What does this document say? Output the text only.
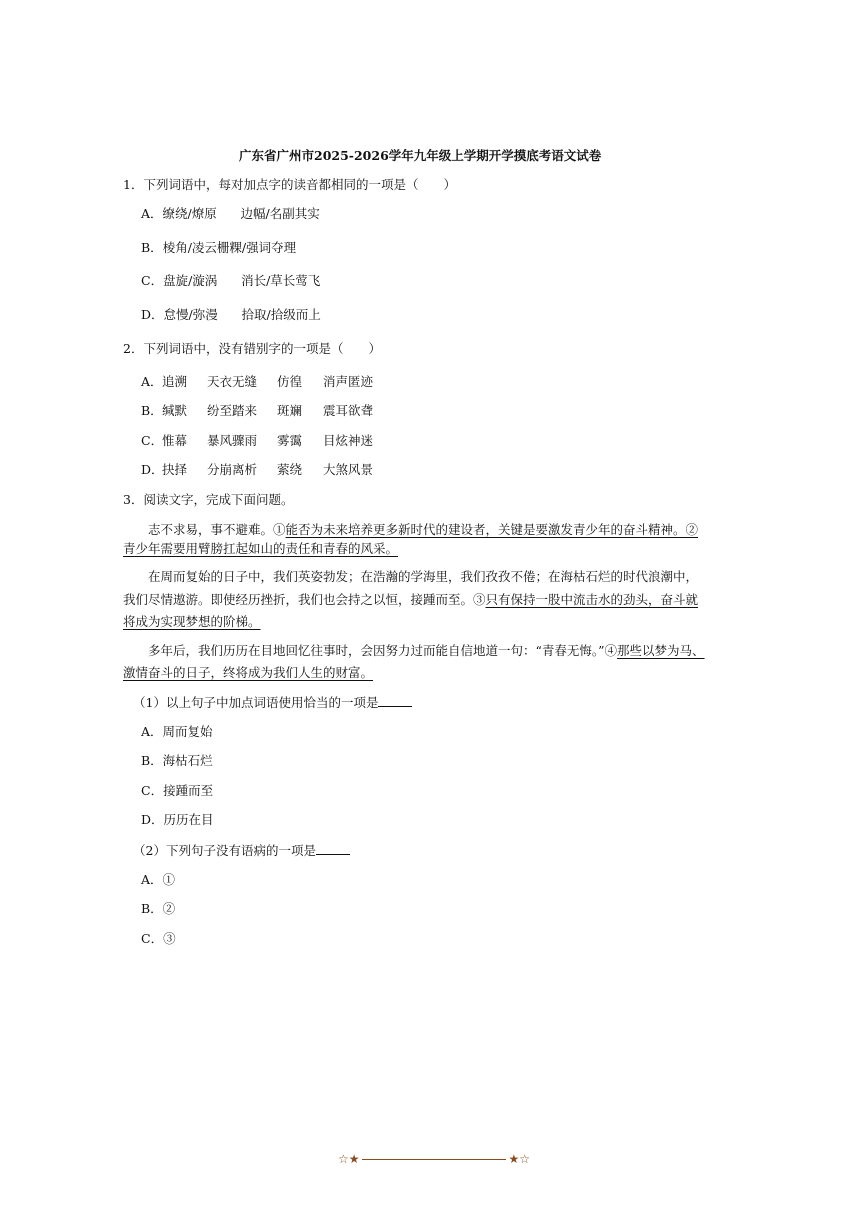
广东省广州市2025-2026学年九年级上学期开学摸底考语文试卷
1．下列词语中，每对加点字的读音都相同的一项是（　　）
A．缭绕/燎原 边幅/名副其实
B．棱角/凌云栅粿/强词夺理
C．盘旋/漩涡 消长/草长莺飞
D．怠慢/弥漫 拾取/拾级而上
2．下列词语中，没有错别字的一项是（　　）
A． 追溯 天衣无缝 仿徨 消声匿迹
B． 缄默 纷至踏来 斑斓 震耳欲聋
C．
惟幕 暴风骤雨 雾霭 目炫神迷
D．
抉择 分崩离析 萦绕 大煞风景
3．阅读文字，完成下面问题。
志不求易，事不避难。①能否为未来培养更多新时代的建设者，关键是要激发青少年的奋斗精神。②
青少年需要用臂膀扛起如山的责任和青春的风采。
在周而复始的日子中，我们英姿勃发；在浩瀚的学海里，我们孜孜不倦；在海枯石烂的时代浪潮中，
我们尽情遨游。即使经历挫折，我们也会持之以恒，接踵而至。③只有保持一股中流击水的劲头，奋斗就
将成为实现梦想的阶梯。
多年后，我们历历在目地回忆往事时，会因努力过而能自信地道一句：“青春无悔。”④那些以梦为马、
激情奋斗的日子，终将成为我们人生的财富。
（1）以上句子中加点词语使用恰当的一项是
A．周而复始
B．海枯石烂
C．接踵而至
D．历历在目
（2）下列句子没有语病的一项是
A．①
B．②
C．③
☆★	★☆
